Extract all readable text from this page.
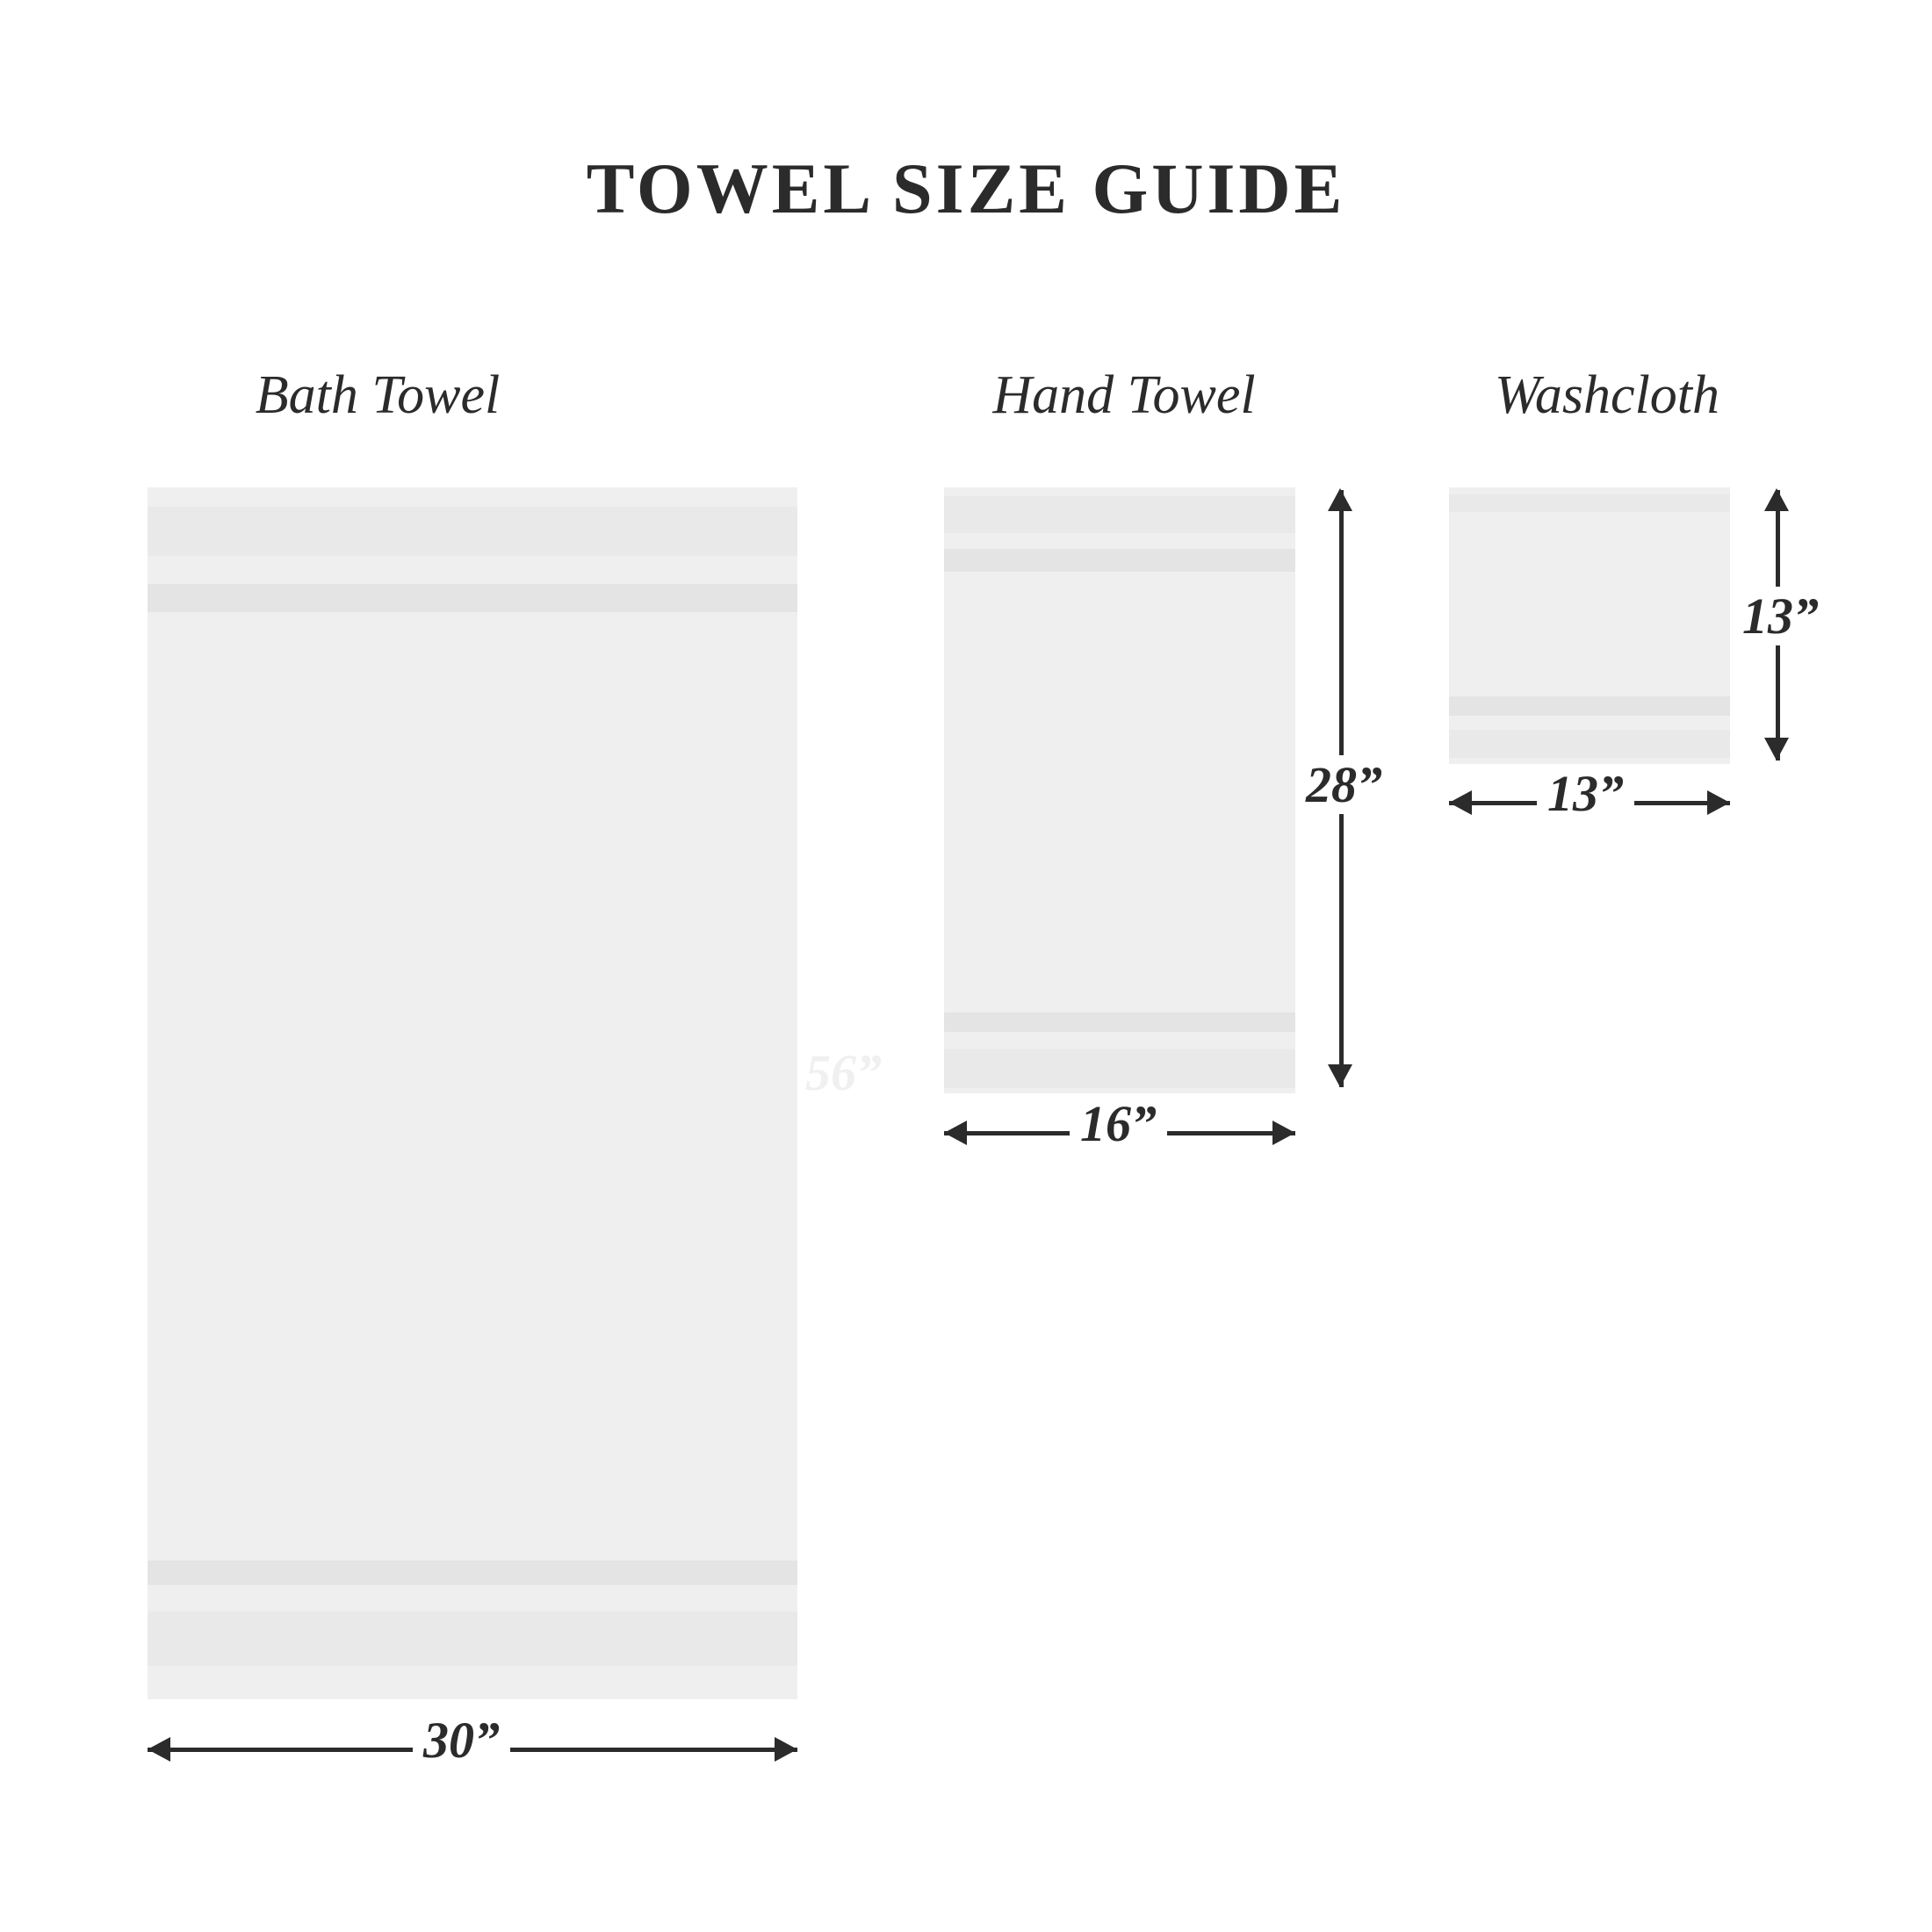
TOWEL SIZE GUIDE
Bath Towel
30”
56”
Hand Towel
16”
28”
Washcloth
13”
13”
